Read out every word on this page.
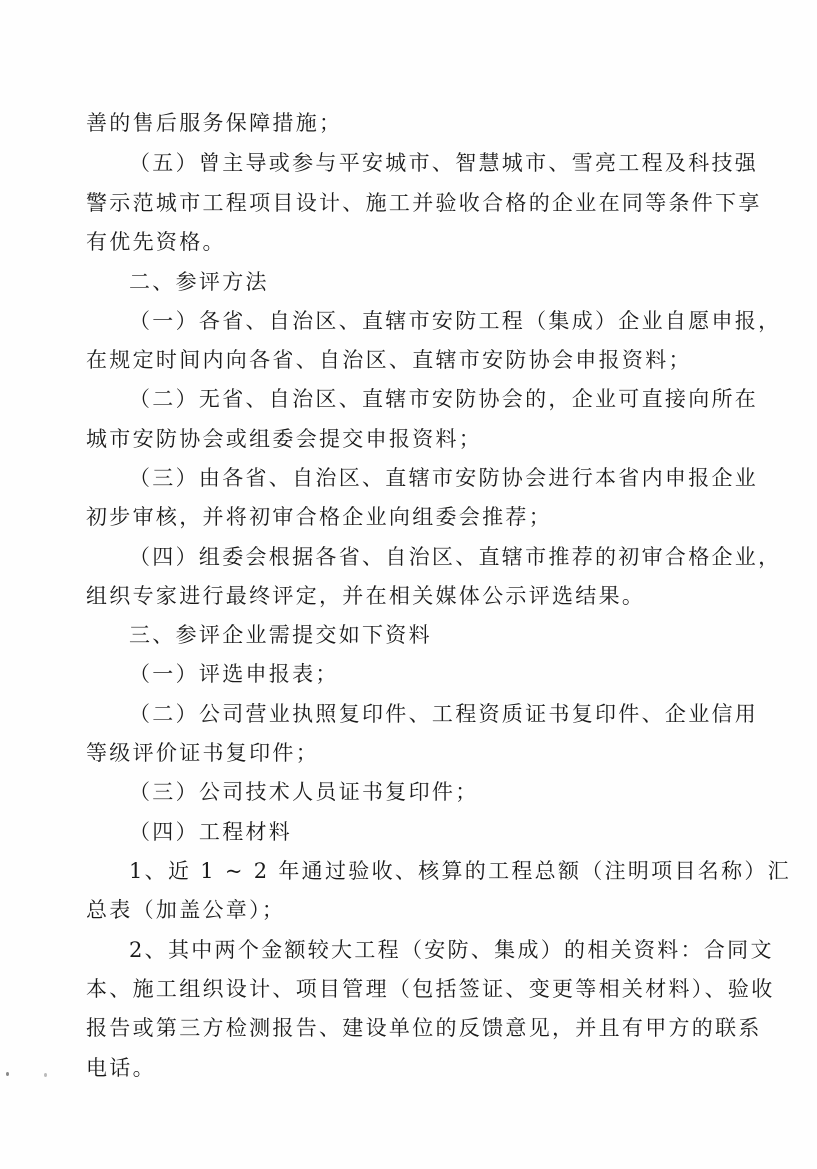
善的售后服务保障措施；
（五）曾主导或参与平安城市、智慧城市、雪亮工程及科技强
警示范城市工程项目设计、施工并验收合格的企业在同等条件下享
有优先资格。
二、参评方法
（一）各省、自治区、直辖市安防工程（集成）企业自愿申报，
在规定时间内向各省、自治区、直辖市安防协会申报资料；
（二）无省、自治区、直辖市安防协会的，企业可直接向所在
城市安防协会或组委会提交申报资料；
（三）由各省、自治区、直辖市安防协会进行本省内申报企业
初步审核，并将初审合格企业向组委会推荐；
（四）组委会根据各省、自治区、直辖市推荐的初审合格企业，
组织专家进行最终评定，并在相关媒体公示评选结果。
三、参评企业需提交如下资料
（一）评选申报表；
（二）公司营业执照复印件、工程资质证书复印件、企业信用
等级评价证书复印件；
（三）公司技术人员证书复印件；
（四）工程材料
1、近 1 ~ 2 年通过验收、核算的工程总额（注明项目名称）汇
总表（加盖公章）；
2、其中两个金额较大工程（安防、集成）的相关资料：合同文
本、施工组织设计、项目管理（包括签证、变更等相关材料）、验收
报告或第三方检测报告、建设单位的反馈意见，并且有甲方的联系
电话。
